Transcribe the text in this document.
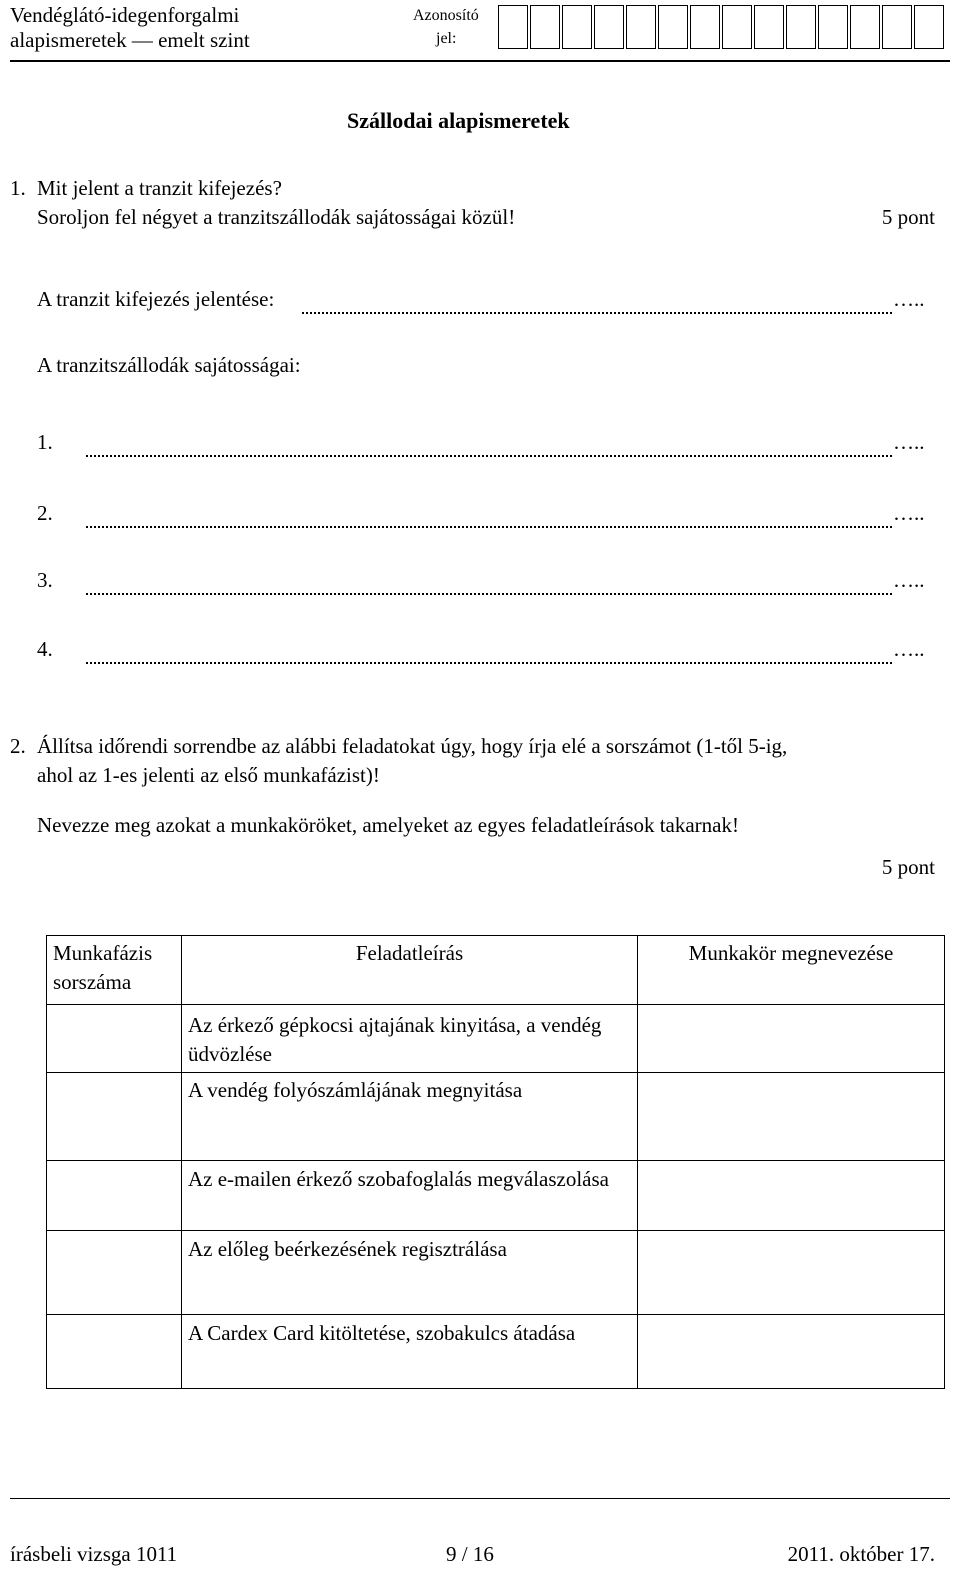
Vendéglátó-idegenforgalmi
alapismeretek — emelt szint
Azonosító
jel:
Szállodai alapismeretek
1. Mit jelent a tranzit kifejezés?
Soroljon fel négyet a tranzitszállodák sajátosságai közül!	5 pont
A tranzit kifejezés jelentése:	…..
A tranzitszállodák sajátosságai:
1.	…..
2.	…..
3.	…..
4.	…..
2. Állítsa időrendi sorrendbe az alábbi feladatokat úgy, hogy írja elé a sorszámot (1-től 5-ig,
ahol az 1-es jelenti az első munkafázist)!
Nevezze meg azokat a munkaköröket, amelyeket az egyes feladatleírások takarnak!
5 pont
Munkafázis sorszáma	Feladatleírás	Munkakör megnevezése
	Az érkező gépkocsi ajtajának kinyitása, a vendég üdvözlése	
	A vendég folyószámlájának megnyitása	
	Az e-mailen érkező szobafoglalás megválaszolása	
	Az előleg beérkezésének regisztrálása	
	A Cardex Card kitöltetése, szobakulcs átadása	
írásbeli vizsga 1011	9 / 16	2011. október 17.
